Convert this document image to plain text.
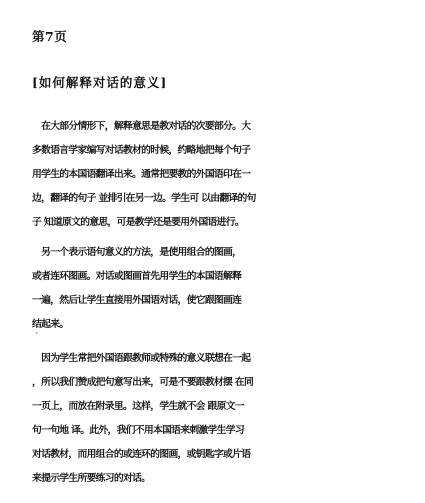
第7页
[如何解释对话的意义]

　在大部分情形下，解释意思是教对话的次要部分。大
多数语言学家编写对话教材的时候，约略地把每个句子
用学生的本国语翻译出来。通常把要教的外国语印在一
边，翻译的句子 並排引在另一边。学生可 以由翻译的句
子 知道原文的意思，可是教学还是要用外国语进行。

　另一个表示语句意义的方法，是使用组合的图画，
或者连环图画。对话或图画首先用学生的本国语解释
一遍，然后让学生直接用外国语对话，使它跟图画连
结起来。

ˊ

　因为学生常把外国语跟教师或特殊的意义联想在一起
，所以我们赞成把句意写出来，可是不要跟教材摆 在同
一页上，而放在附录里。这样，学生就不会 跟原文一
句一句地 译。此外，我们不用本国语来刺激学生学习
对话教材，而用组合的或连环的图画，或钥匙字或片语
来提示学生所要练习的对话。
